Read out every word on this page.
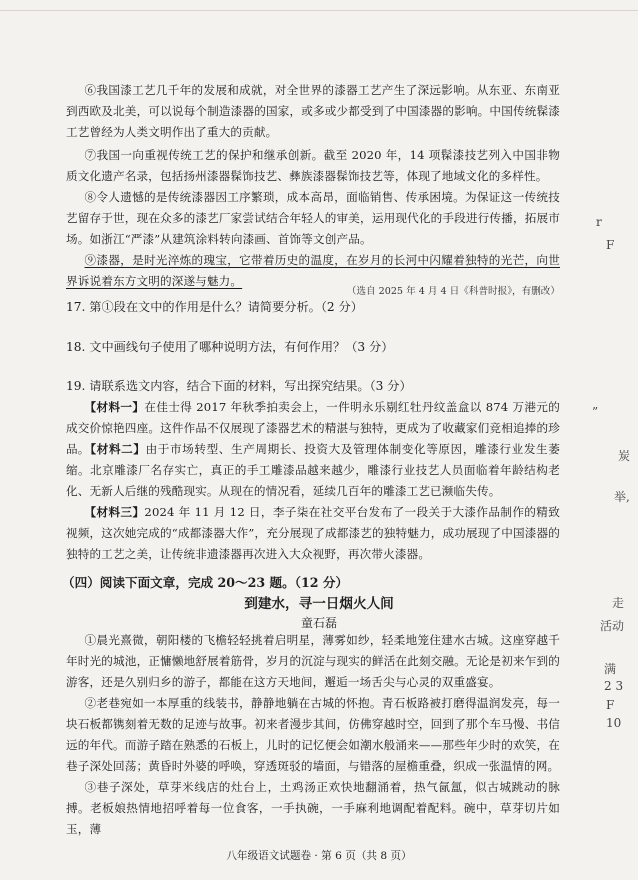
⑥我国漆工艺几千年的发展和成就，对全世界的漆器工艺产生了深远影响。从东亚、东南亚到西欧及北美，可以说每个制造漆器的国家，或多或少都受到了中国漆器的影响。中国传统髹漆工艺曾经为人类文明作出了重大的贡献。

⑦我国一向重视传统工艺的保护和继承创新。截至 2020 年，14 项髹漆技艺列入中国非物质文化遗产名录，包括扬州漆器髹饰技艺、彝族漆器髹饰技艺等，体现了地域文化的多样性。

⑧令人遗憾的是传统漆器因工序繁琐，成本高昂，面临销售、传承困境。为保证这一传统技艺留存于世，现在众多的漆艺厂家尝试结合年轻人的审美，运用现代化的手段进行传播，拓展市场。如浙江“严漆”从建筑涂料转向漆画、首饰等文创产品。

⑨漆器，是时光淬炼的瑰宝，它带着历史的温度，在岁月的长河中闪耀着独特的光芒，向世界诉说着东方文明的深遂与魅力。

（选自 2025 年 4 月 4 日《科普时报》，有删改）
17. 第①段在文中的作用是什么？请简要分析。（2 分）
18. 文中画线句子使用了哪种说明方法，有何作用？（3 分）
19. 请联系选文内容，结合下面的材料，写出探究结果。（3 分）

【材料一】在佳士得 2017 年秋季拍卖会上，一件明永乐剔红牡丹纹盖盒以 874 万港元的成交价惊艳四座。这件作品不仅展现了漆器艺术的精湛与独特，更成为了收藏家们竞相追捧的珍品。

【材料二】由于市场转型、生产周期长、投资大及管理体制变化等原因，雕漆行业发生萎缩。北京雕漆厂名存实亡，真正的手工雕漆品越来越少，雕漆行业技艺人员面临着年龄结构老化、无新人后继的残酷现实。从现在的情况看，延续几百年的雕漆工艺已濒临失传。

【材料三】2024 年 11 月 12 日，李子柒在社交平台发布了一段关于大漆作品制作的精致视频，这次她完成的“成都漆器大作”，充分展现了成都漆艺的独特魅力，成功展现了中国漆器的独特的工艺之美，让传统非遗漆器再次进入大众视野，再次带火漆器。

（四）阅读下面文章，完成 20～23 题。（12 分）
到建水，寻一日烟火人间
童石磊

①晨光熹微，朝阳楼的飞檐轻轻挑着启明星，薄雾如纱，轻柔地笼住建水古城。这座穿越千年时光的城池，正慵懒地舒展着筋骨，岁月的沉淀与现实的鲜活在此刻交融。无论是初来乍到的游客，还是久别归乡的游子，都能在这方天地间，邂逅一场舌尖与心灵的双重盛宴。

②老巷宛如一本厚重的线装书，静静地躺在古城的怀抱。青石板路被打磨得温润发亮，每一块石板都镌刻着无数的足迹与故事。初来者漫步其间，仿佛穿越时空，回到了那个车马慢、书信远的年代。而游子踏在熟悉的石板上，儿时的记忆便会如潮水般涌来——那些年少时的欢笑，在巷子深处回荡；黄昏时外婆的呼唤，穿透斑驳的墙面，与错落的屋檐重叠，织成一张温情的网。

③巷子深处，草芽米线店的灶台上，土鸡汤正欢快地翻涌着，热气氤氲，似古城跳动的脉搏。老板娘热情地招呼着每一位食客，一手执碗，一手麻利地调配着配料。碗中，草芽切片如玉，薄

八年级语文试题卷 · 第 6 页（共 8 页）
r
F
”
炭
举,
走
活动
满
2 3
F
10
